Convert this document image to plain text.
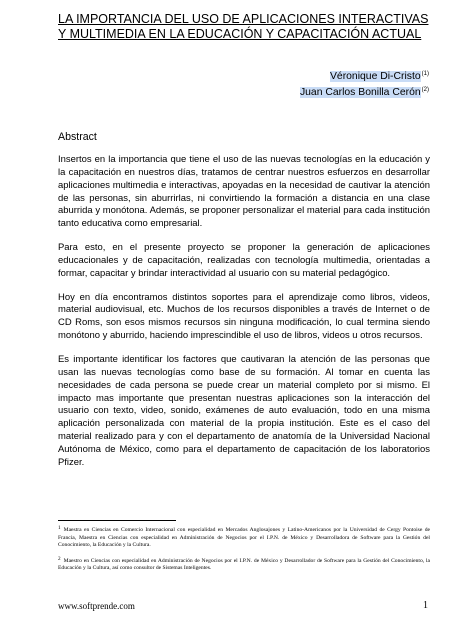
LA IMPORTANCIA DEL USO DE APLICACIONES INTERACTIVAS
Y MULTIMEDIA EN LA EDUCACIÓN Y CAPACITACIÓN ACTUAL
Véronique Di-Cristo$^{(1)}$
Juan Carlos Bonilla Cerón$^{(2)}$
Abstract

Insertos en la importancia que tiene el uso de las nuevas tecnologías en la educación y la capacitación en nuestros días, tratamos de centrar nuestros esfuerzos en desarrollar aplicaciones multimedia e interactivas, apoyadas en la necesidad de cautivar la atención de las personas, sin aburrirlas, ni convirtiendo la formación a distancia en una clase aburrida y monótona. Además, se proponer personalizar el material para cada institución tanto educativa como empresarial.

Para esto, en el presente proyecto se proponer la generación de aplicaciones educacionales y de capacitación, realizadas con tecnología multimedia, orientadas a formar, capacitar y brindar interactividad al usuario con su material pedagógico.

Hoy en día encontramos distintos soportes para el aprendizaje como libros, videos, material audiovisual, etc. Muchos de los recursos disponibles a través de Internet o de CD Roms, son esos mismos recursos sin ninguna modificación, lo cual termina siendo monótono y aburrido, haciendo imprescindible el uso de libros, videos u otros recursos.

Es importante identificar los factores que cautivaran la atención de las personas que usan las nuevas tecnologías como base de su formación. Al tomar en cuenta las necesidades de cada persona se puede crear un material completo por si mismo. El impacto mas importante que presentan nuestras aplicaciones son la interacción del usuario con texto, video, sonido, exámenes de auto evaluación, todo en una misma aplicación personalizada con material de la propia institución. Este es el caso del material realizado para y con el departamento de anatomía de la Universidad Nacional Autónoma de México, como para el departamento de capacitación de los laboratorios Pfizer.

$^1$ Maestra en Ciencias en Comercio Internacional con especialidad en Mercados Anglosajones y Latino-Americanos por la Universidad de Cergy Pontoise de Francia, Maestra en Ciencias con especialidad en Administración de Negocios por el I.P.N. de México y Desarrolladora de Software para la Gestión del Conocimiento, la Educación y la Cultura.

$^2$ Maestro en Ciencias con especialidad en Administración de Negocios por el I.P.N. de México y Desarrollador de Software para la Gestión del Conocimiento, la Educación y la Cultura, así como consultor de Sistemas Inteligentes.

www.softprende.com	1
